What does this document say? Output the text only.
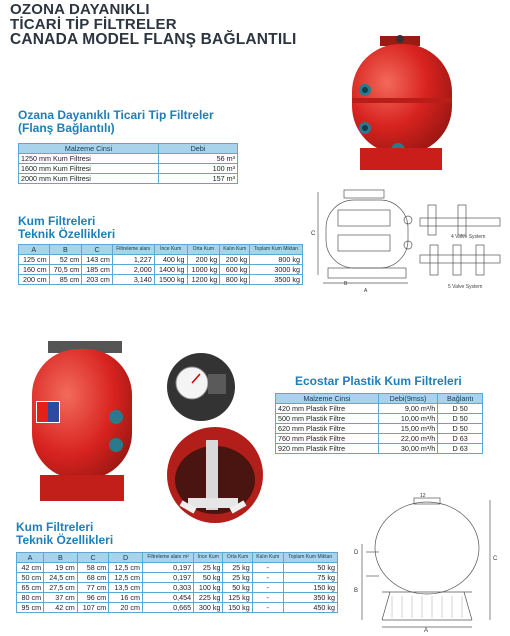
OZONA DAYANIKLI
TİCARİ TİP FİLTRELER
CANADA MODEL FLANŞ BAĞLANTILI
Ozana Dayanıklı Ticari Tip Filtreler
(Flanş Bağlantılı)
Malzeme Cinsi	Debi
1250 mm Kum Filtresi	56 m³
1600 mm Kum Filtresi	100 m³
2000 mm Kum Filtresi	157 m³
Kum Filtreleri
Teknik Özellikleri
A	B	C	Filtreleme alanı	İnce Kum	Orta Kum	Kalın Kum	Toplam Kum Miktarı
125 cm	52 cm	143 cm	1,227	400 kg	200 kg	200 kg	800 kg
160 cm	70,5 cm	185 cm	2,000	1400 kg	1000 kg	600 kg	3000 kg
200 cm	85 cm	203 cm	3,140	1500 kg	1200 kg	800 kg	3500 kg
C
B
A
4 Valve System
5 Valve System
Ecostar Plastik Kum Filtreleri
Malzeme Cinsi	Debi(9mss)	Bağlantı
420 mm Plastik Filtre	9,00 m³/h	D 50
500 mm Plastik Filtre	10,00 m³/h	D 50
620 mm Plastik Filtre	15,00 m³/h	D 50
760 mm Plastik Filtre	22,00 m³/h	D 63
920 mm Plastik Filtre	30,00 m³/h	D 63
Kum Filtreleri
Teknik Özellikleri
A	B	C	D	Filtreleme alanı m²	İnce Kum	Orta Kum	Kalın Kum	Toplam Kum Miktarı
42 cm	19 cm	58 cm	12,5 cm	0,197	25 kg	25 kg	-	50 kg
50 cm	24,5 cm	68 cm	12,5 cm	0,197	50 kg	25 kg	-	75 kg
65 cm	27,5 cm	77 cm	13,5 cm	0,303	100 kg	50 kg	-	150 kg
80 cm	37 cm	96 cm	16 cm	0,454	225 kg	125 kg	-	350 kg
95 cm	42 cm	107 cm	20 cm	0,665	300 kg	150 kg	-	450 kg
D
B
C
A
12
